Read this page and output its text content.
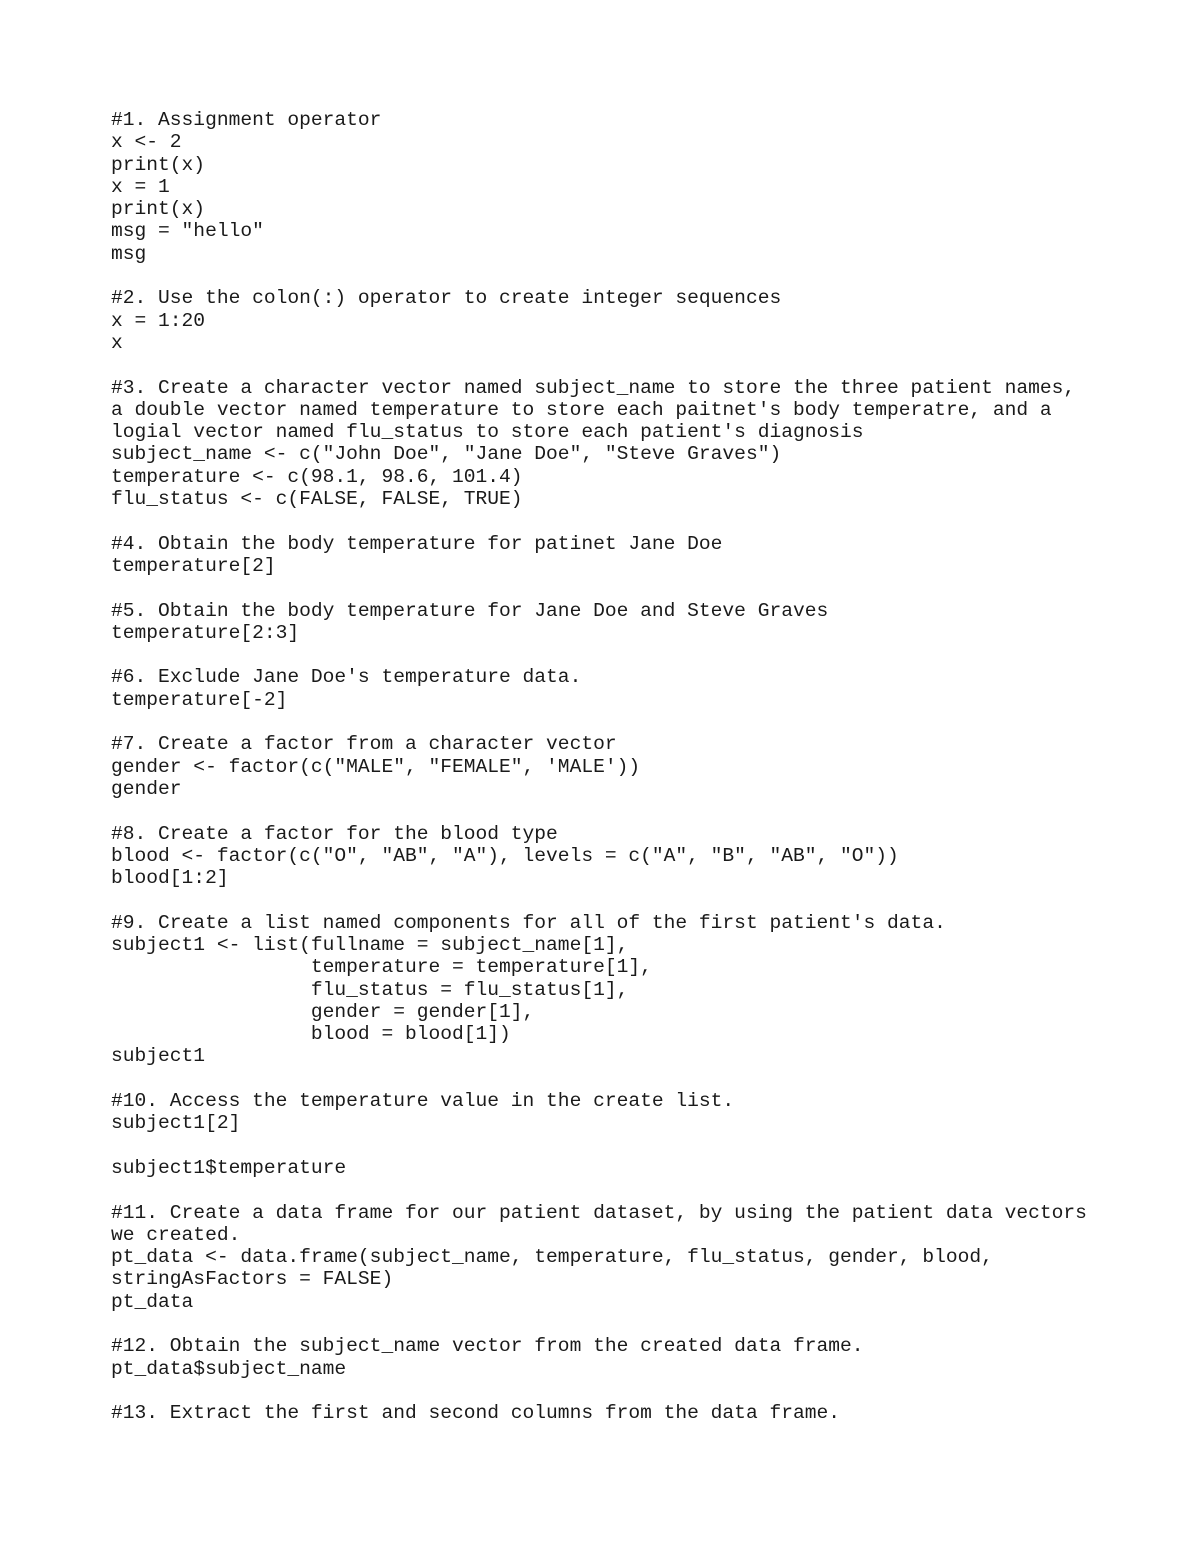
#1. Assignment operator
x <- 2
print(x)
x = 1
print(x)
msg = "hello"
msg

#2. Use the colon(:) operator to create integer sequences
x = 1:20
x

#3. Create a character vector named subject_name to store the three patient names,
a double vector named temperature to store each paitnet's body temperatre, and a
logial vector named flu_status to store each patient's diagnosis
subject_name <- c("John Doe", "Jane Doe", "Steve Graves")
temperature <- c(98.1, 98.6, 101.4)
flu_status <- c(FALSE, FALSE, TRUE)

#4. Obtain the body temperature for patinet Jane Doe
temperature[2]

#5. Obtain the body temperature for Jane Doe and Steve Graves
temperature[2:3]

#6. Exclude Jane Doe's temperature data.
temperature[-2]

#7. Create a factor from a character vector
gender <- factor(c("MALE", "FEMALE", 'MALE'))
gender

#8. Create a factor for the blood type
blood <- factor(c("O", "AB", "A"), levels = c("A", "B", "AB", "O"))
blood[1:2]

#9. Create a list named components for all of the first patient's data.
subject1 <- list(fullname = subject_name[1],
temperature = temperature[1],
flu_status = flu_status[1],
gender = gender[1],
blood = blood[1])
subject1

#10. Access the temperature value in the create list.
subject1[2]

subject1$temperature

#11. Create a data frame for our patient dataset, by using the patient data vectors
we created.
pt_data <- data.frame(subject_name, temperature, flu_status, gender, blood,
stringAsFactors = FALSE)
pt_data

#12. Obtain the subject_name vector from the created data frame.
pt_data$subject_name

#13. Extract the first and second columns from the data frame.
